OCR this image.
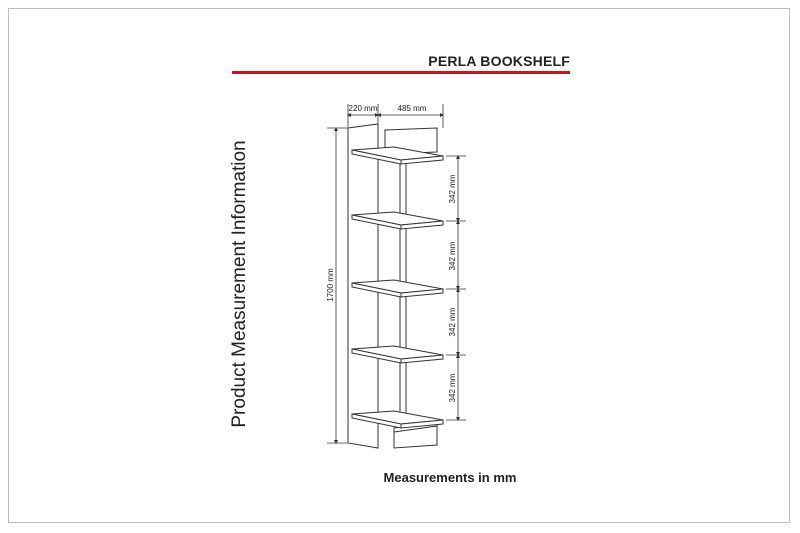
PERLA BOOKSHELF
Product Measurement Information
220 mm	485 mm
1700 mm
342 mm
342 mm
342 mm
342 mm
Measurements in mm
